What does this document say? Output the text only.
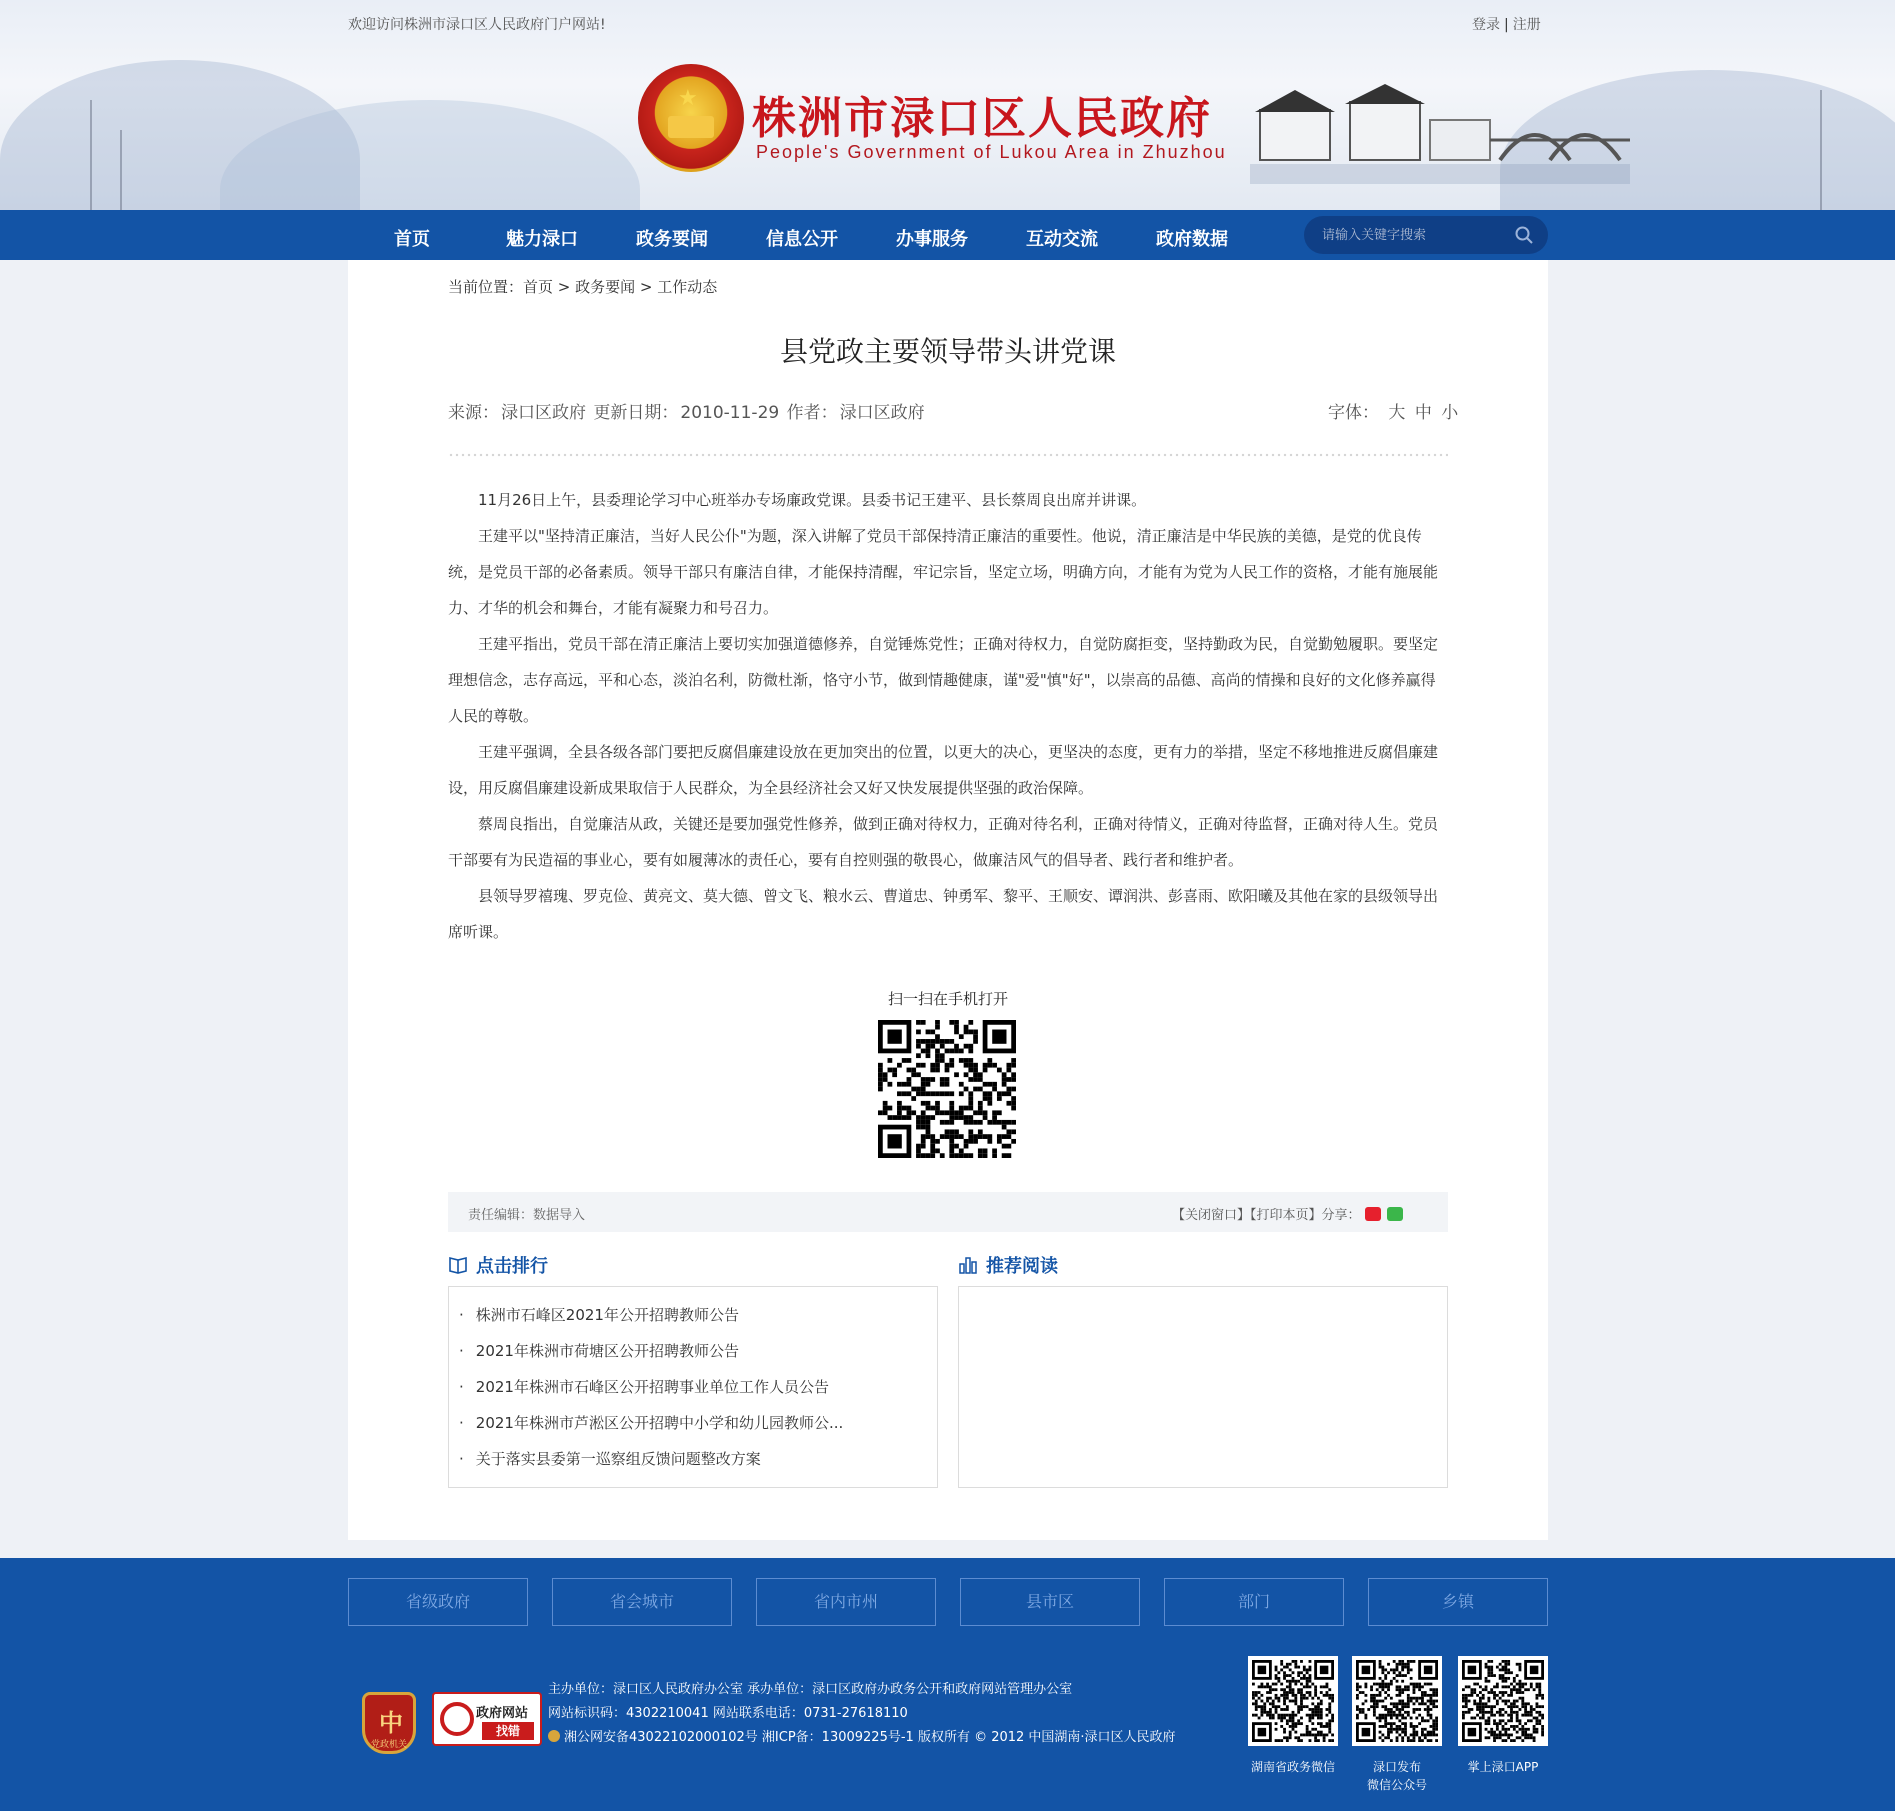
欢迎访问株洲市渌口区人民政府门户网站!	登录 | 注册
★ 株洲市渌口区人民政府
People's Government of Lukou Area in Zhuzhou
首页	魅力渌口	政务要闻	信息公开	办事服务	互动交流	政府数据
请输入关键字搜索
当前位置：首页 > 政务要闻 > 工作动态
县党政主要领导带头讲党课
来源： 渌口区政府 更新日期： 2010-11-29 作者： 渌口区政府	字体： 大 中 小

11月26日上午，县委理论学习中心班举办专场廉政党课。县委书记王建平、县长蔡周良出席并讲课。

王建平以"坚持清正廉洁，当好人民公仆"为题，深入讲解了党员干部保持清正廉洁的重要性。他说，清正廉洁是中华民族的美德，是党的优良传统，是党员干部的必备素质。领导干部只有廉洁自律，才能保持清醒，牢记宗旨，坚定立场，明确方向，才能有为党为人民工作的资格，才能有施展能力、才华的机会和舞台，才能有凝聚力和号召力。

王建平指出，党员干部在清正廉洁上要切实加强道德修养，自觉锤炼党性；正确对待权力，自觉防腐拒变，坚持勤政为民，自觉勤勉履职。要坚定理想信念，志存高远，平和心态，淡泊名利，防微杜渐，恪守小节，做到情趣健康，谨"爱"慎"好"，以崇高的品德、高尚的情操和良好的文化修养赢得人民的尊敬。

王建平强调，全县各级各部门要把反腐倡廉建设放在更加突出的位置，以更大的决心，更坚决的态度，更有力的举措，坚定不移地推进反腐倡廉建设，用反腐倡廉建设新成果取信于人民群众，为全县经济社会又好又快发展提供坚强的政治保障。

蔡周良指出，自觉廉洁从政，关键还是要加强党性修养，做到正确对待权力，正确对待名利，正确对待情义，正确对待监督，正确对待人生。党员干部要有为民造福的事业心，要有如履薄冰的责任心，要有自控则强的敬畏心，做廉洁风气的倡导者、践行者和维护者。

县领导罗禧瑰、罗克俭、黄亮文、莫大德、曾文飞、粮水云、曹道忠、钟勇军、黎平、王顺安、谭润洪、彭喜雨、欧阳曦及其他在家的县级领导出席听课。

扫一扫在手机打开
责任编辑：数据导入	【关闭窗口】【打印本页】分享：
点击排行	推荐阅读
· 株洲市石峰区2021年公开招聘教师公告
· 2021年株洲市荷塘区公开招聘教师公告
· 2021年株洲市石峰区公开招聘事业单位工作人员公告
· 2021年株洲市芦淞区公开招聘中小学和幼儿园教师公...
· 关于落实县委第一巡察组反馈问题整改方案
省级政府	省会城市	省内市州	县市区	部门	乡镇
中
党政机关
政府网站
找错
主办单位：渌口区人民政府办公室 承办单位：渌口区政府办政务公开和政府网站管理办公室
网站标识码：4302210041 网站联系电话：0731-27618110
湘公网安备43022102000102号 湘ICP备：13009225号-1 版权所有 © 2012 中国湖南·渌口区人民政府
湖南省政务微信	渌口发布
微信公众号
掌上渌口APP
